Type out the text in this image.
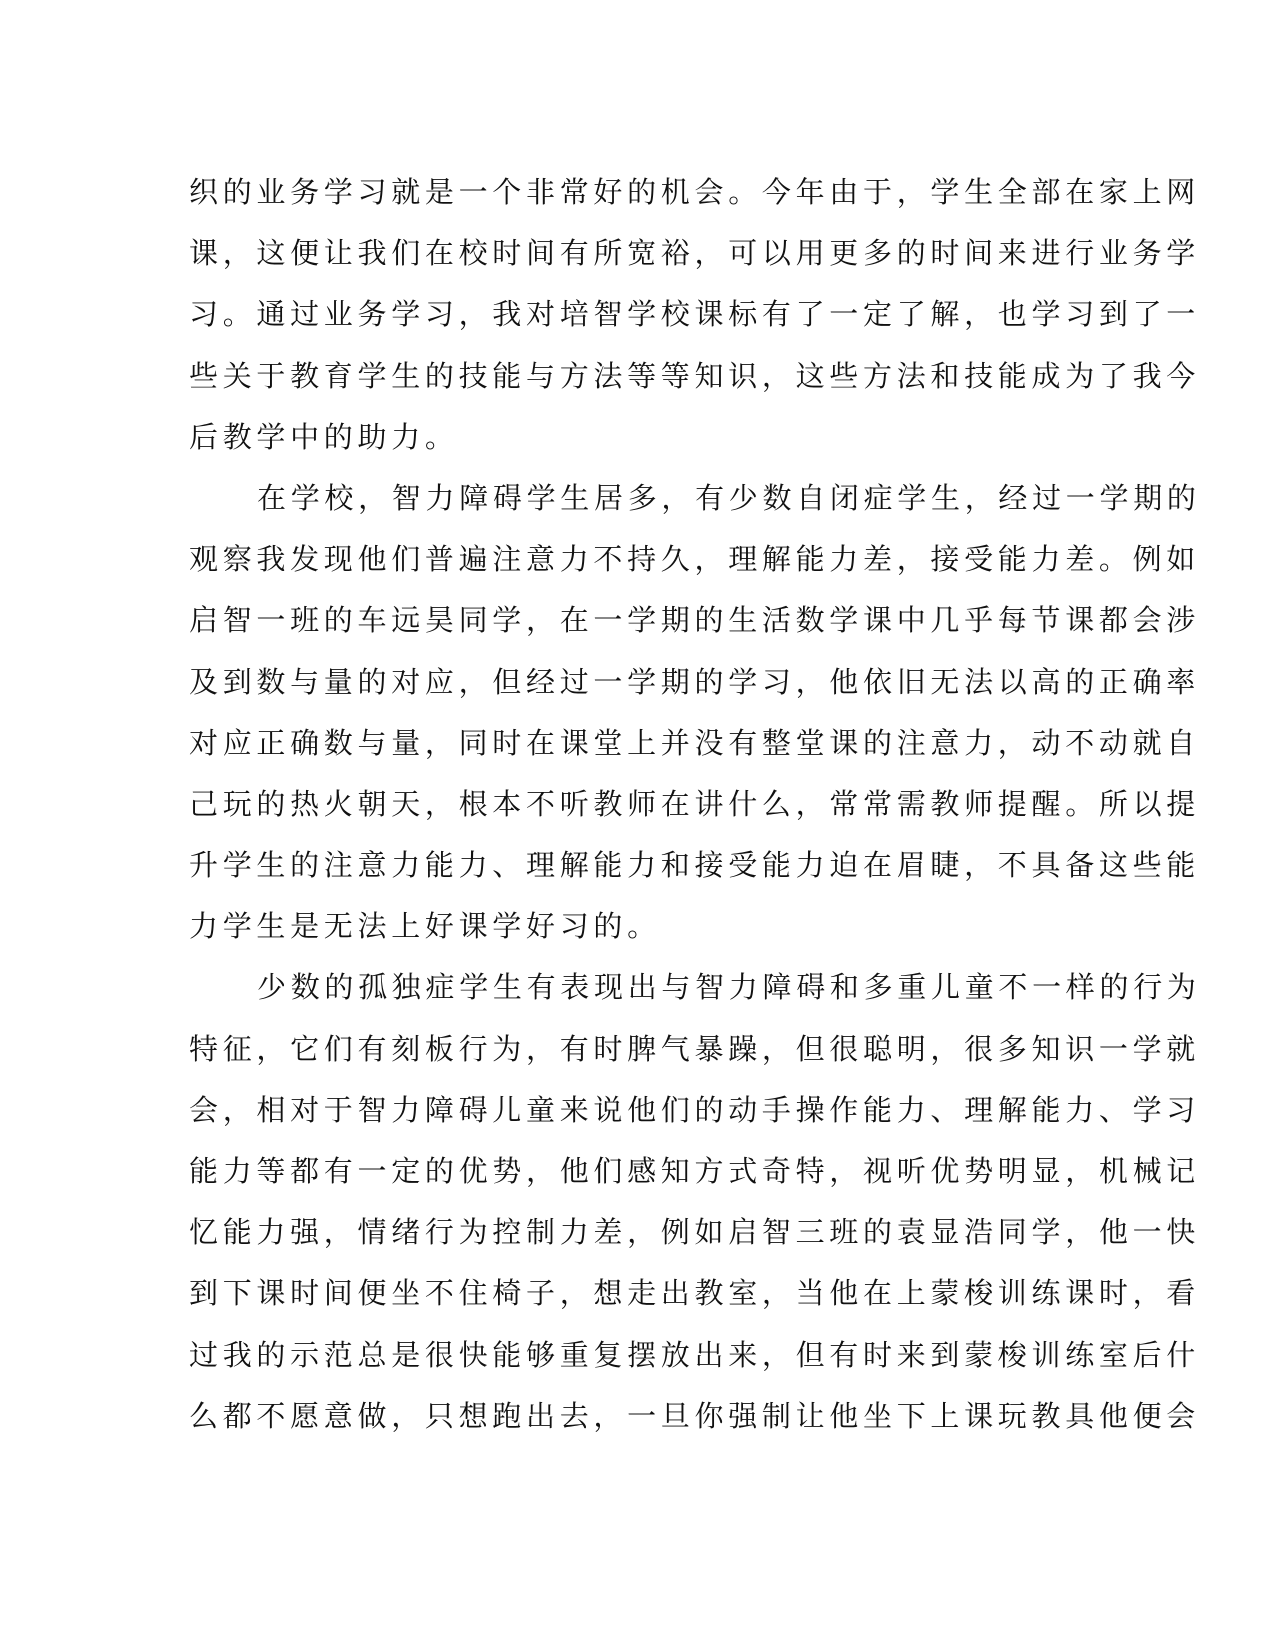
织的业务学习就是一个非常好的机会。今年由于，学生全部在家上网
课，这便让我们在校时间有所宽裕，可以用更多的时间来进行业务学
习。通过业务学习，我对培智学校课标有了一定了解，也学习到了一
些关于教育学生的技能与方法等等知识，这些方法和技能成为了我今
后教学中的助力。
在学校，智力障碍学生居多，有少数自闭症学生，经过一学期的
观察我发现他们普遍注意力不持久，理解能力差，接受能力差。例如
启智一班的车远昊同学，在一学期的生活数学课中几乎每节课都会涉
及到数与量的对应，但经过一学期的学习，他依旧无法以高的正确率
对应正确数与量，同时在课堂上并没有整堂课的注意力，动不动就自
己玩的热火朝天，根本不听教师在讲什么，常常需教师提醒。所以提
升学生的注意力能力、理解能力和接受能力迫在眉睫，不具备这些能
力学生是无法上好课学好习的。
少数的孤独症学生有表现出与智力障碍和多重儿童不一样的行为
特征，它们有刻板行为，有时脾气暴躁，但很聪明，很多知识一学就
会，相对于智力障碍儿童来说他们的动手操作能力、理解能力、学习
能力等都有一定的优势，他们感知方式奇特，视听优势明显，机械记
忆能力强，情绪行为控制力差，例如启智三班的袁显浩同学，他一快
到下课时间便坐不住椅子，想走出教室，当他在上蒙梭训练课时，看
过我的示范总是很快能够重复摆放出来，但有时来到蒙梭训练室后什
么都不愿意做，只想跑出去，一旦你强制让他坐下上课玩教具他便会
